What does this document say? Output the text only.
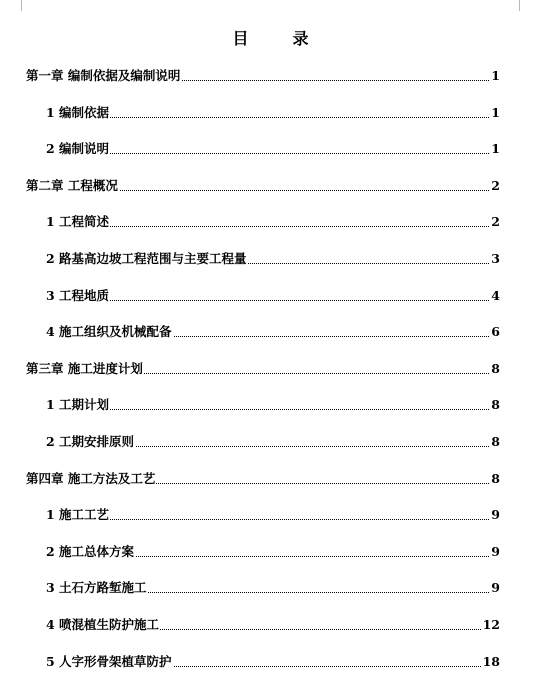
目　录
第一章 编制依据及编制说明	1
1 编制依据	1
2 编制说明	1
第二章 工程概况	2
1 工程简述	2
2 路基高边坡工程范围与主要工程量	3
3 工程地质	4
4 施工组织及机械配备	6
第三章 施工进度计划	8
1 工期计划	8
2 工期安排原则	8
第四章 施工方法及工艺	8
1 施工工艺	9
2 施工总体方案	9
3 土石方路堑施工	9
4 喷混植生防护施工	12
5 人字形骨架植草防护	18
